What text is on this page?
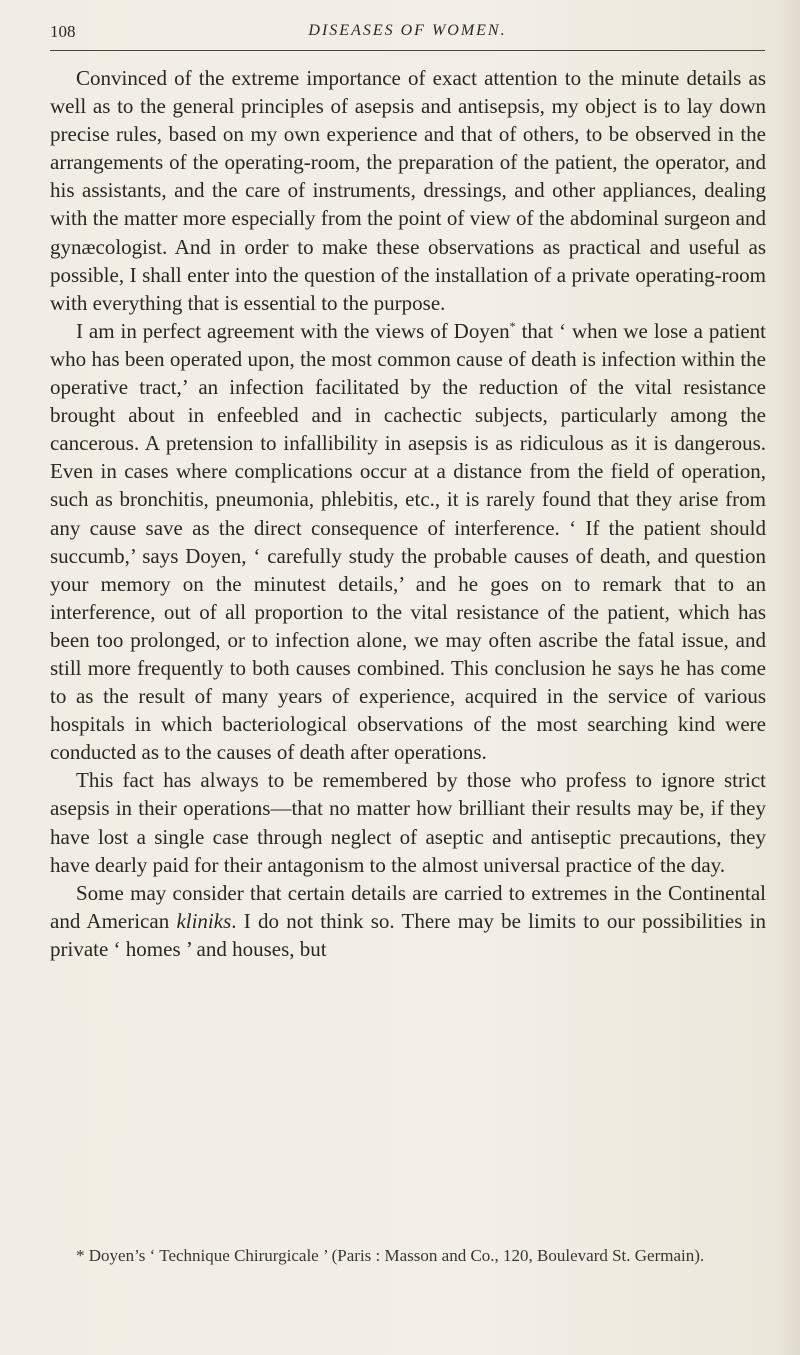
108	DISEASES OF WOMEN.

Convinced of the extreme importance of exact attention to the minute details as well as to the general principles of asepsis and antisepsis, my object is to lay down precise rules, based on my own experience and that of others, to be observed in the arrangements of the operating-room, the preparation of the patient, the operator, and his assistants, and the care of instruments, dressings, and other appliances, dealing with the matter more especially from the point of view of the abdominal surgeon and gynæcologist. And in order to make these observations as practical and useful as possible, I shall enter into the question of the installation of a private operating-room with everything that is essential to the purpose.

I am in perfect agreement with the views of Doyen* that ‘ when we lose a patient who has been operated upon, the most common cause of death is infection within the operative tract,’ an infection facilitated by the reduction of the vital resistance brought about in enfeebled and in cachectic subjects, particularly among the cancerous. A pretension to infallibility in asepsis is as ridiculous as it is dangerous. Even in cases where complications occur at a distance from the field of operation, such as bronchitis, pneumonia, phlebitis, etc., it is rarely found that they arise from any cause save as the direct consequence of interference. ‘ If the patient should succumb,’ says Doyen, ‘ carefully study the probable causes of death, and question your memory on the minutest details,’ and he goes on to remark that to an interference, out of all proportion to the vital resistance of the patient, which has been too prolonged, or to infection alone, we may often ascribe the fatal issue, and still more frequently to both causes combined. This conclusion he says he has come to as the result of many years of experience, acquired in the service of various hospitals in which bacteriological observations of the most searching kind were conducted as to the causes of death after operations.

This fact has always to be remembered by those who profess to ignore strict asepsis in their operations—that no matter how brilliant their results may be, if they have lost a single case through neglect of aseptic and antiseptic precautions, they have dearly paid for their antagonism to the almost universal practice of the day.

Some may consider that certain details are carried to extremes in the Continental and American kliniks. I do not think so. There may be limits to our possibilities in private ‘ homes ’ and houses, but

* Doyen’s ‘ Technique Chirurgicale ’ (Paris : Masson and Co., 120, Boulevard St. Germain).
